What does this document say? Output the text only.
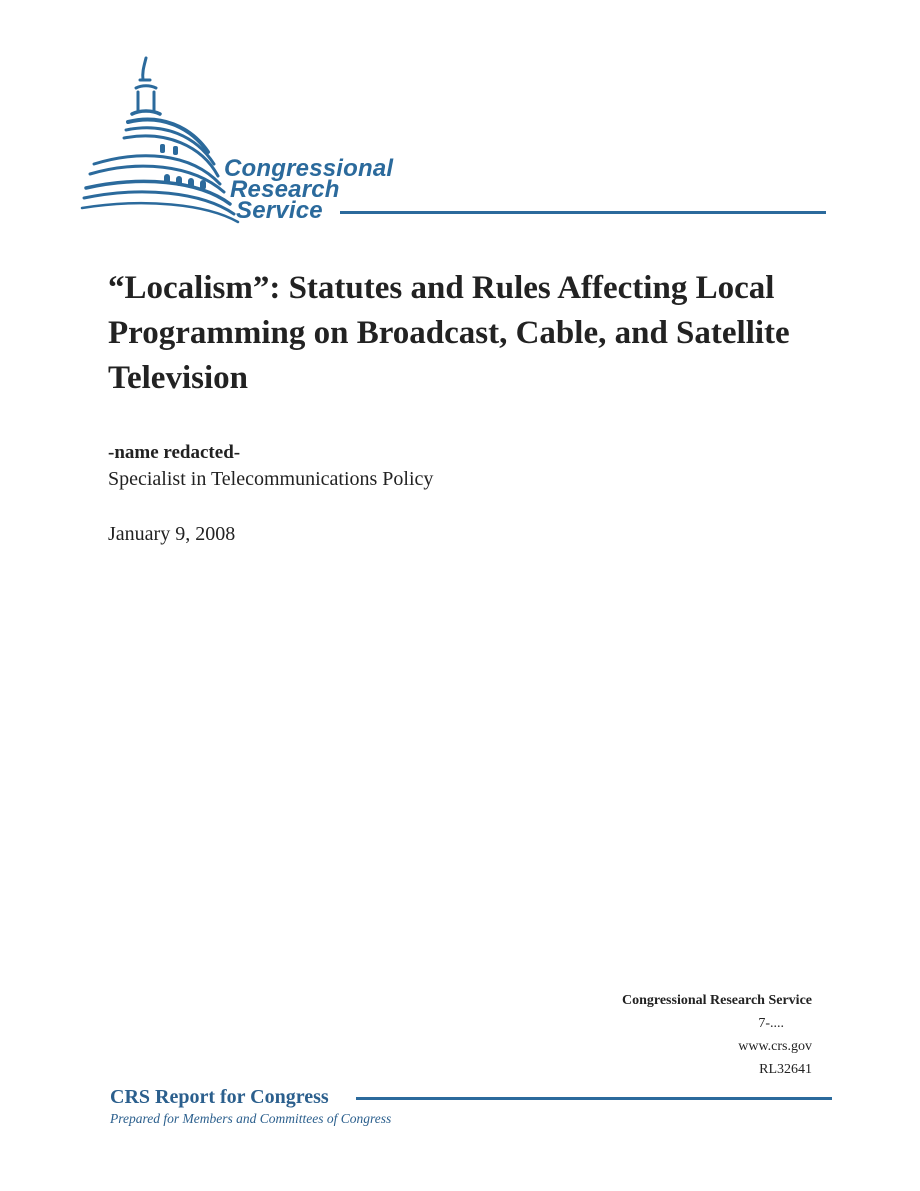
Congressional
Research
Service
“Localism”: Statutes and Rules Affecting Local Programming on Broadcast, Cable, and Satellite Television
-name redacted-
Specialist in Telecommunications Policy
January 9, 2008
Congressional Research Service
7-....
www.crs.gov
RL32641
CRS Report for Congress
Prepared for Members and Committees of Congress
